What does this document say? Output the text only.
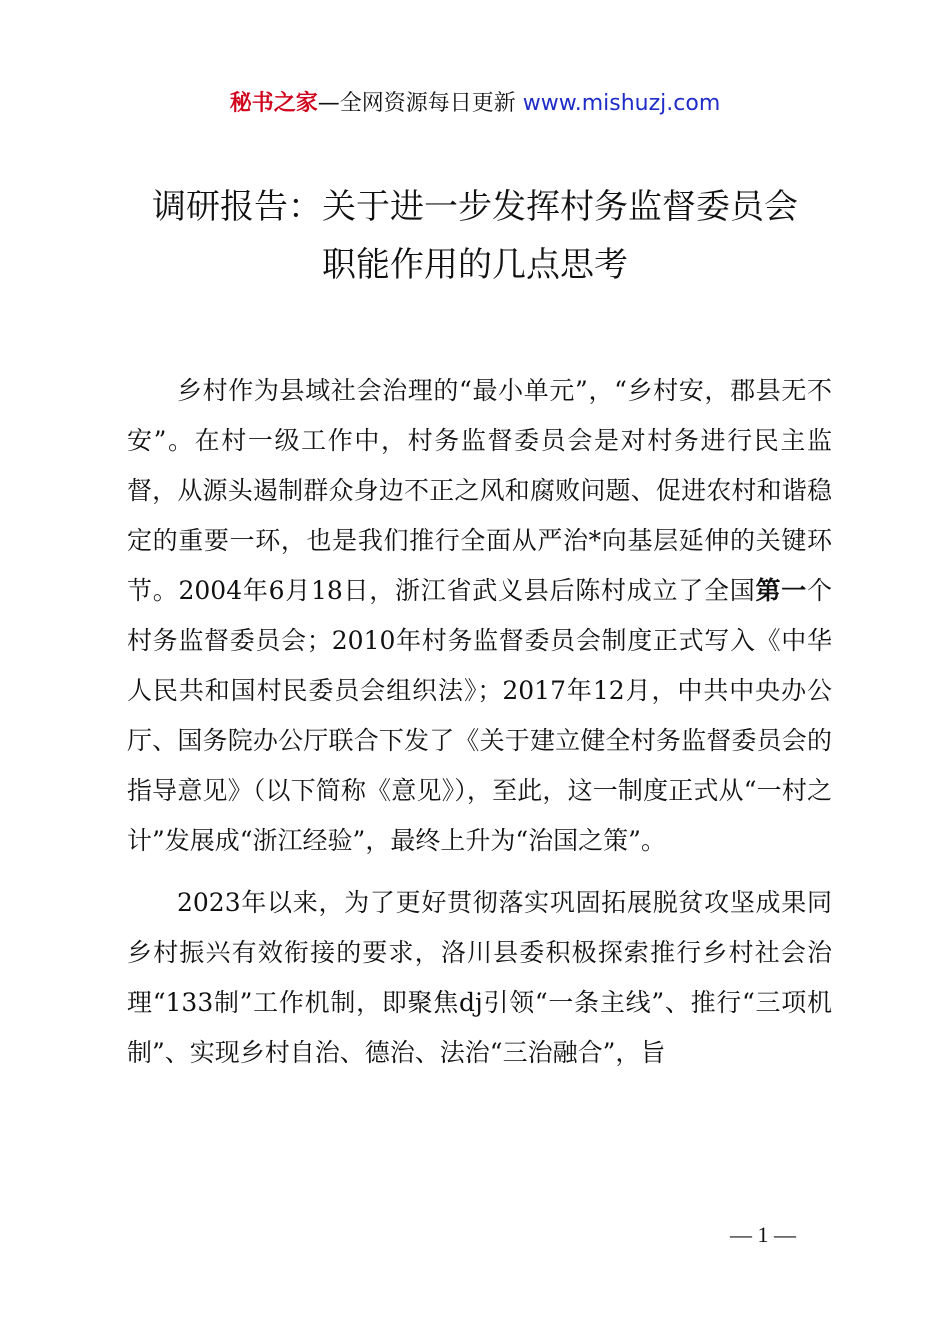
秘书之家—全网资源每日更新 www.mishuzj.com
调研报告：关于进一步发挥村务监督委员会
职能作用的几点思考

乡村作为县域社会治理的“最小单元”，“乡村安，郡县无不安”。在村一级工作中，村务监督委员会是对村务进行民主监督，从源头遏制群众身边不正之风和腐败问题、促进农村和谐稳定的重要一环，也是我们推行全面从严治*向基层延伸的关键环节。2004年6月18日，浙江省武义县后陈村成立了全国第一个村务监督委员会；2010年村务监督委员会制度正式写入《中华人民共和国村民委员会组织法》；2017年12月，中共中央办公厅、国务院办公厅联合下发了《关于建立健全村务监督委员会的指导意见》（以下简称《意见》），至此，这一制度正式从“一村之计”发展成“浙江经验”，最终上升为“治国之策”。

2023年以来，为了更好贯彻落实巩固拓展脱贫攻坚成果同乡村振兴有效衔接的要求，洛川县委积极探索推行乡村社会治理“133制”工作机制，即聚焦dj引领“一条主线”、推行“三项机制”、实现乡村自治、德治、法治“三治融合”，旨

— 1 —
